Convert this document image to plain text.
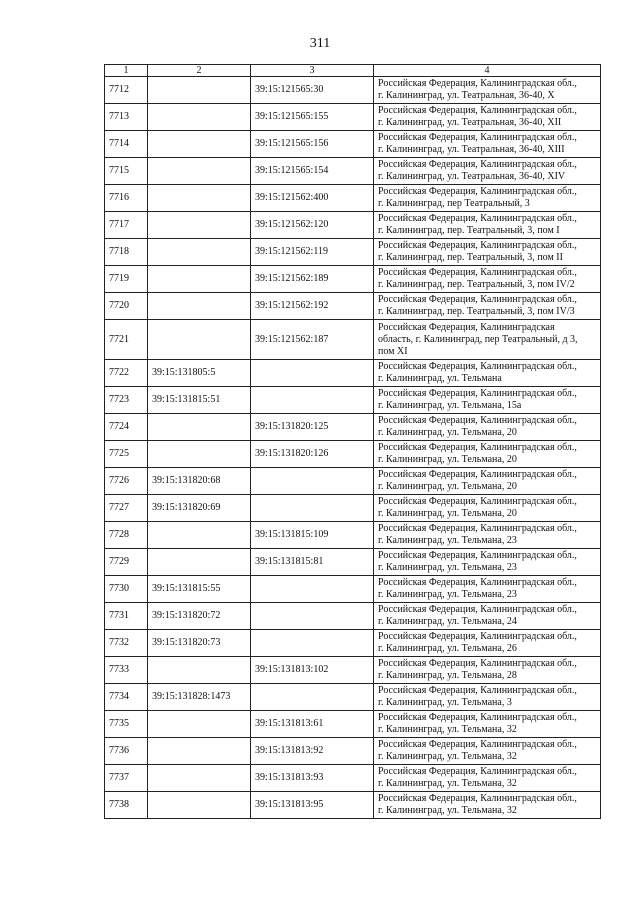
311
1	2	3	4
7712		39:15:121565:30	Российская Федерация, Калининградская обл.,
г. Калининград, ул. Театральная, 36-40, X

7713		39:15:121565:155	Российская Федерация, Калининградская обл.,
г. Калининград, ул. Театральная, 36-40, XII

7714		39:15:121565:156	Российская Федерация, Калининградская обл.,
г. Калининград, ул. Театральная, 36-40, XIII

7715		39:15:121565:154	Российская Федерация, Калининградская обл.,
г. Калининград, ул. Театральная, 36-40, XIV

7716		39:15:121562:400	Российская Федерация, Калининградская обл.,
г. Калининград, пер Театральный, 3

7717		39:15:121562:120	Российская Федерация, Калининградская обл.,
г. Калининград, пер. Театральный, 3, пом I

7718		39:15:121562:119	Российская Федерация, Калининградская обл.,
г. Калининград, пер. Театральный, 3, пом II

7719		39:15:121562:189	Российская Федерация, Калининградская обл.,
г. Калининград, пер. Театральный, 3, пом IV/2

7720		39:15:121562:192	Российская Федерация, Калининградская обл.,
г. Калининград, пер. Театральный, 3, пом IV/3

7721		39:15:121562:187	Российская Федерация, Калининградская
область, г. Калининград, пер Театральный, д 3,
пом XI

7722	39:15:131805:5		Российская Федерация, Калининградская обл.,
г. Калининград, ул. Тельмана

7723	39:15:131815:51		Российская Федерация, Калининградская обл.,
г. Калининград, ул. Тельмана, 15а

7724		39:15:131820:125	Российская Федерация, Калининградская обл.,
г. Калининград, ул. Тельмана, 20

7725		39:15:131820:126	Российская Федерация, Калининградская обл.,
г. Калининград, ул. Тельмана, 20

7726	39:15:131820:68		Российская Федерация, Калининградская обл.,
г. Калининград, ул. Тельмана, 20

7727	39:15:131820:69		Российская Федерация, Калининградская обл.,
г. Калининград, ул. Тельмана, 20

7728		39:15:131815:109	Российская Федерация, Калининградская обл.,
г. Калининград, ул. Тельмана, 23

7729		39:15:131815:81	Российская Федерация, Калининградская обл.,
г. Калининград, ул. Тельмана, 23

7730	39:15:131815:55		Российская Федерация, Калининградская обл.,
г. Калининград, ул. Тельмана, 23

7731	39:15:131820:72		Российская Федерация, Калининградская обл.,
г. Калининград, ул. Тельмана, 24

7732	39:15:131820:73		Российская Федерация, Калининградская обл.,
г. Калининград, ул. Тельмана, 26

7733		39:15:131813:102	Российская Федерация, Калининградская обл.,
г. Калининград, ул. Тельмана, 28

7734	39:15:131828:1473		Российская Федерация, Калининградская обл.,
г. Калининград, ул. Тельмана, 3

7735		39:15:131813:61	Российская Федерация, Калининградская обл.,
г. Калининград, ул. Тельмана, 32

7736		39:15:131813:92	Российская Федерация, Калининградская обл.,
г. Калининград, ул. Тельмана, 32

7737		39:15:131813:93	Российская Федерация, Калининградская обл.,
г. Калининград, ул. Тельмана, 32

7738		39:15:131813:95	Российская Федерация, Калининградская обл.,
г. Калининград, ул. Тельмана, 32
